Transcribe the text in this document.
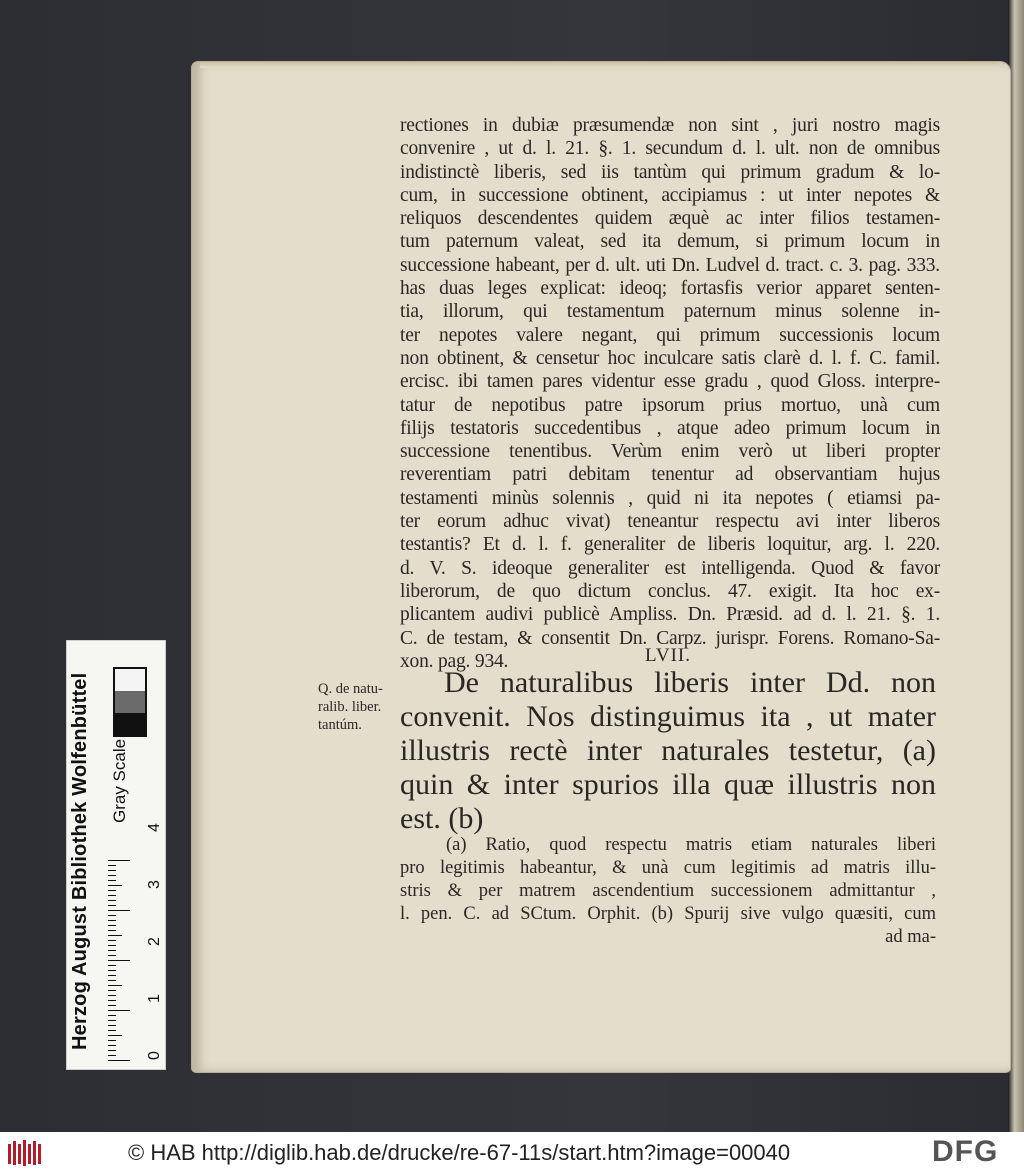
rectiones in dubiæ præsumendæ non sint , juri nostro magis
convenire , ut d. l. 21. §. 1. secundum d. l. ult. non de omnibus
indistinctè liberis, sed iis tantùm qui primum gradum & lo-
cum, in successione obtinent, accipiamus : ut inter nepotes &
reliquos descendentes quidem æquè ac inter filios testamen-
tum paternum valeat, sed ita demum, si primum locum in
successione habeant, per d. ult. uti Dn. Ludvel d. tract. c. 3. pag. 333.
has duas leges explicat: ideoq; fortasfis verior apparet senten-
tia, illorum, qui testamentum paternum minus solenne in-
ter nepotes valere negant, qui primum successionis locum
non obtinent, & censetur hoc inculcare satis clarè d. l. f. C. famil.
ercisc. ibi tamen pares videntur esse gradu , quod Gloss. interpre-
tatur de nepotibus patre ipsorum prius mortuo, unà cum
filijs testatoris succedentibus , atque adeo primum locum in
successione tenentibus. Verùm enim verò ut liberi propter
reverentiam patri debitam tenentur ad observantiam hujus
testamenti minùs solennis , quid ni ita nepotes ( etiamsi pa-
ter eorum adhuc vivat) teneantur respectu avi inter liberos
testantis? Et d. l. f. generaliter de liberis loquitur, arg. l. 220.
d. V. S. ideoque generaliter est intelligenda. Quod & favor
liberorum, de quo dictum conclus. 47. exigit. Ita hoc ex-
plicantem audivi publicè Ampliss. Dn. Præsid. ad d. l. 21. §. 1.
C. de testam, & consentit Dn. Carpz. jurispr. Forens. Romano-Sa-
xon. pag. 934.	LVII.
Q. de natu-
ralib. liber.
tantúm.
De naturalibus liberis inter Dd. non
convenit. Nos distinguimus ita , ut mater
illustris rectè inter naturales testetur, (a)
quin & inter spurios illa quæ illustris non
est. (b)
(a) Ratio, quod respectu matris etiam naturales liberi
pro legitimis habeantur, & unà cum legitimis ad matris illu-
stris & per matrem ascendentium successionem admittantur ,
l. pen. C. ad SCtum. Orphit. (b) Spurij sive vulgo quæsiti, cum
ad ma-
Herzog August Bibliothek Wolfenbüttel	Gray Scale
0
1
2
3
4
© HAB http://diglib.hab.de/drucke/re-67-11s/start.htm?image=00040	DFG
